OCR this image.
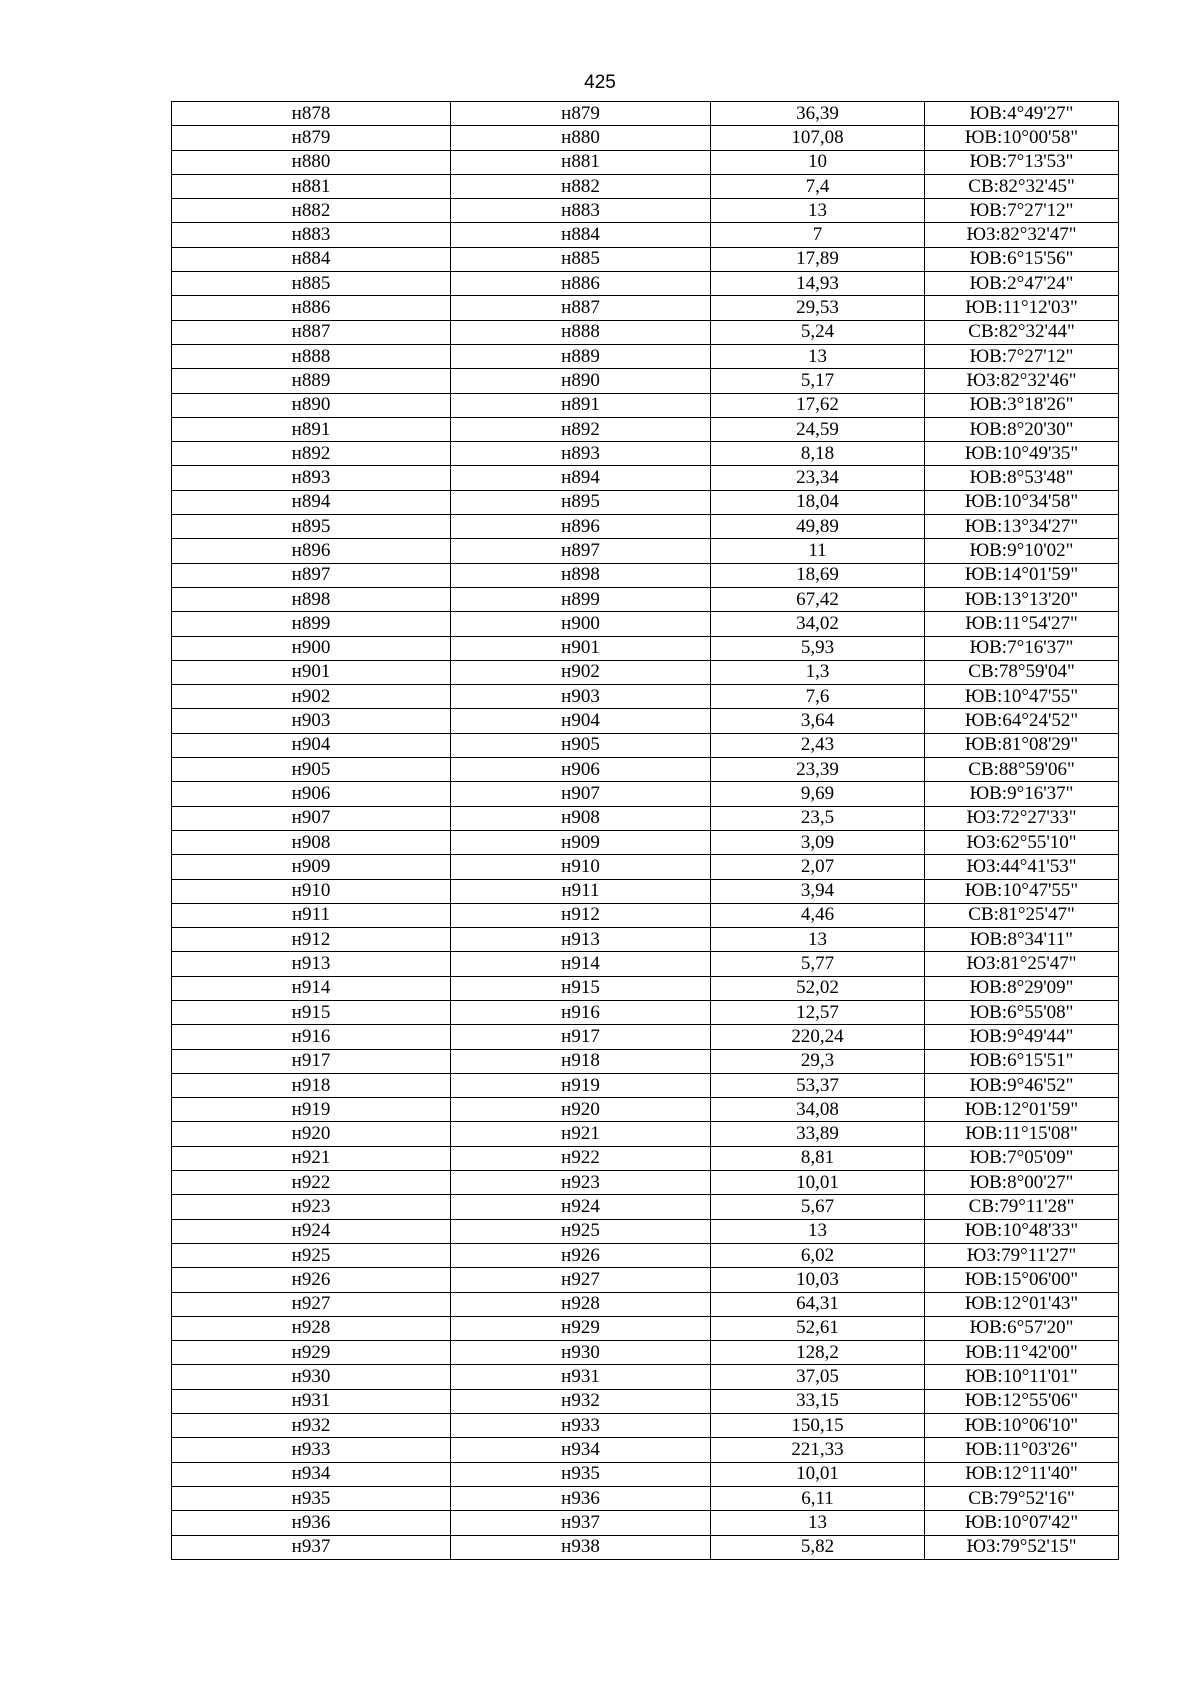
425
н878	н879	36,39	ЮВ:4°49'27"
н879	н880	107,08	ЮВ:10°00'58"
н880	н881	10	ЮВ:7°13'53"
н881	н882	7,4	СВ:82°32'45"
н882	н883	13	ЮВ:7°27'12"
н883	н884	7	ЮЗ:82°32'47"
н884	н885	17,89	ЮВ:6°15'56"
н885	н886	14,93	ЮВ:2°47'24"
н886	н887	29,53	ЮВ:11°12'03"
н887	н888	5,24	СВ:82°32'44"
н888	н889	13	ЮВ:7°27'12"
н889	н890	5,17	ЮЗ:82°32'46"
н890	н891	17,62	ЮВ:3°18'26"
н891	н892	24,59	ЮВ:8°20'30"
н892	н893	8,18	ЮВ:10°49'35"
н893	н894	23,34	ЮВ:8°53'48"
н894	н895	18,04	ЮВ:10°34'58"
н895	н896	49,89	ЮВ:13°34'27"
н896	н897	11	ЮВ:9°10'02"
н897	н898	18,69	ЮВ:14°01'59"
н898	н899	67,42	ЮВ:13°13'20"
н899	н900	34,02	ЮВ:11°54'27"
н900	н901	5,93	ЮВ:7°16'37"
н901	н902	1,3	СВ:78°59'04"
н902	н903	7,6	ЮВ:10°47'55"
н903	н904	3,64	ЮВ:64°24'52"
н904	н905	2,43	ЮВ:81°08'29"
н905	н906	23,39	СВ:88°59'06"
н906	н907	9,69	ЮВ:9°16'37"
н907	н908	23,5	ЮЗ:72°27'33"
н908	н909	3,09	ЮЗ:62°55'10"
н909	н910	2,07	ЮЗ:44°41'53"
н910	н911	3,94	ЮВ:10°47'55"
н911	н912	4,46	СВ:81°25'47"
н912	н913	13	ЮВ:8°34'11"
н913	н914	5,77	ЮЗ:81°25'47"
н914	н915	52,02	ЮВ:8°29'09"
н915	н916	12,57	ЮВ:6°55'08"
н916	н917	220,24	ЮВ:9°49'44"
н917	н918	29,3	ЮВ:6°15'51"
н918	н919	53,37	ЮВ:9°46'52"
н919	н920	34,08	ЮВ:12°01'59"
н920	н921	33,89	ЮВ:11°15'08"
н921	н922	8,81	ЮВ:7°05'09"
н922	н923	10,01	ЮВ:8°00'27"
н923	н924	5,67	СВ:79°11'28"
н924	н925	13	ЮВ:10°48'33"
н925	н926	6,02	ЮЗ:79°11'27"
н926	н927	10,03	ЮВ:15°06'00"
н927	н928	64,31	ЮВ:12°01'43"
н928	н929	52,61	ЮВ:6°57'20"
н929	н930	128,2	ЮВ:11°42'00"
н930	н931	37,05	ЮВ:10°11'01"
н931	н932	33,15	ЮВ:12°55'06"
н932	н933	150,15	ЮВ:10°06'10"
н933	н934	221,33	ЮВ:11°03'26"
н934	н935	10,01	ЮВ:12°11'40"
н935	н936	6,11	СВ:79°52'16"
н936	н937	13	ЮВ:10°07'42"
н937	н938	5,82	ЮЗ:79°52'15"
